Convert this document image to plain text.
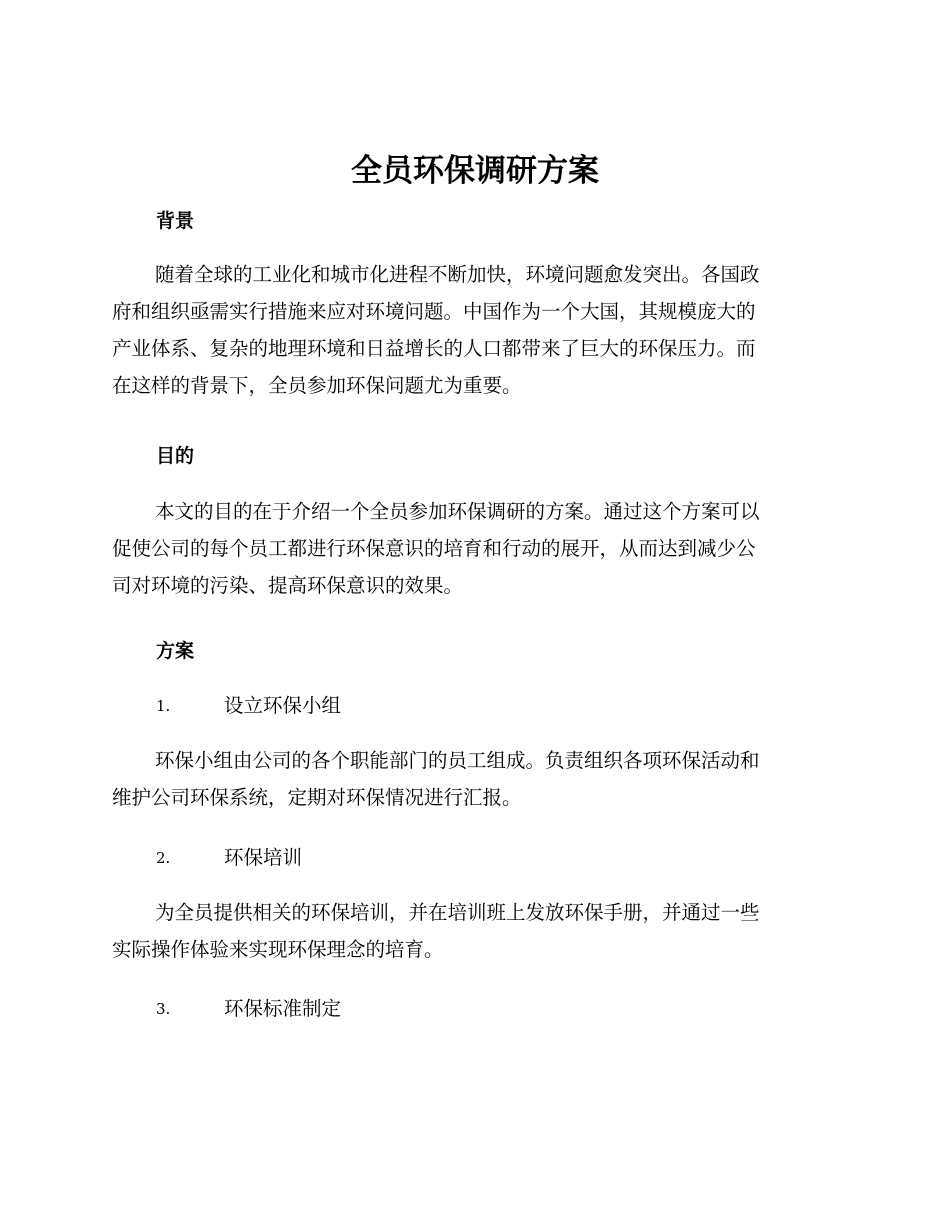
全员环保调研方案
背景
随着全球的工业化和城市化进程不断加快，环境问题愈发突出。各国政
府和组织亟需实行措施来应对环境问题。中国作为一个大国，其规模庞大的
产业体系、复杂的地理环境和日益增长的人口都带来了巨大的环保压力。而
在这样的背景下，全员参加环保问题尤为重要。
目的
本文的目的在于介绍一个全员参加环保调研的方案。通过这个方案可以
促使公司的每个员工都进行环保意识的培育和行动的展开，从而达到减少公
司对环境的污染、提高环保意识的效果。
方案
1.	设立环保小组
环保小组由公司的各个职能部门的员工组成。负责组织各项环保活动和
维护公司环保系统，定期对环保情况进行汇报。
2.	环保培训
为全员提供相关的环保培训，并在培训班上发放环保手册，并通过一些
实际操作体验来实现环保理念的培育。
3.	环保标准制定
